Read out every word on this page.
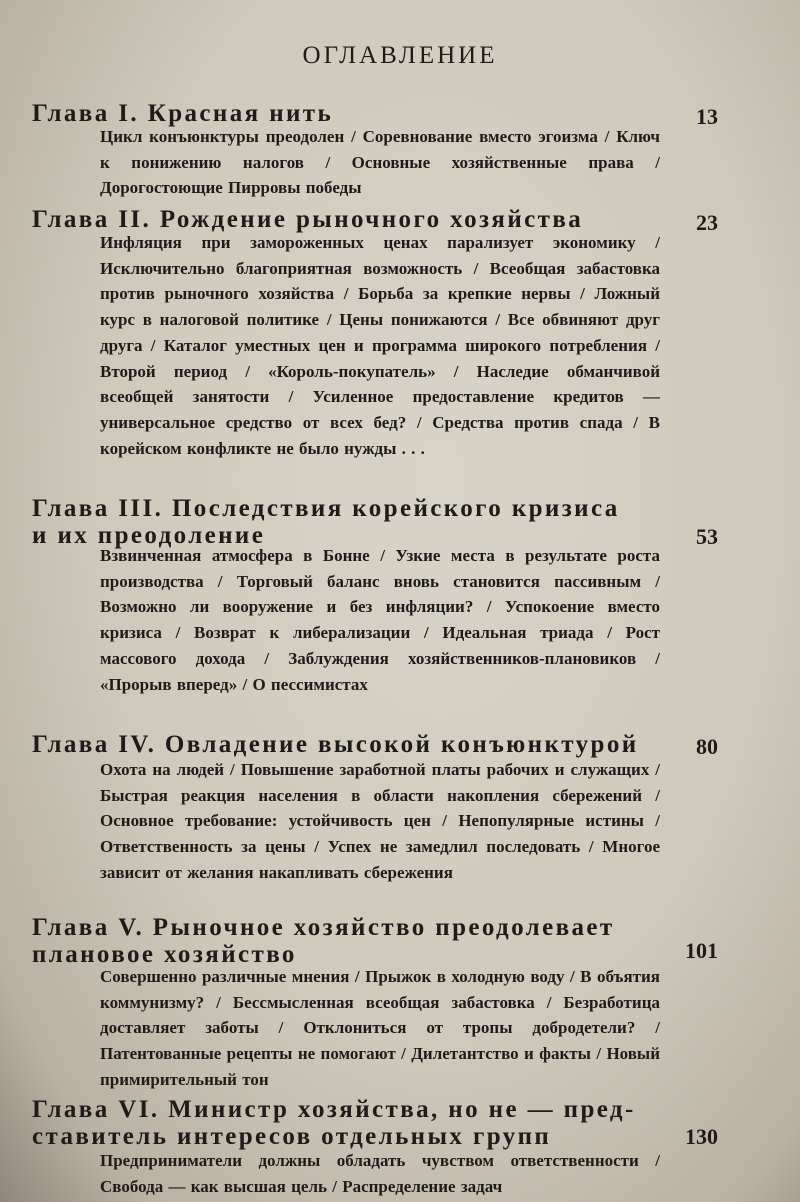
ОГЛАВЛЕНИЕ
Глава I. Красная нить	13
Цикл конъюнктуры преодолен / Соревнование вместо эгоизма / Ключ к понижению налогов / Основные хозяйственные права / Дорогостоющие Пирровы победы
Глава II. Рождение рыночного хозяйства	23
Инфляция при замороженных ценах парализует экономику / Исключительно благоприятная возможность / Всеобщая забастовка против рыночного хозяйства / Борьба за крепкие нервы / Ложный курс в налоговой политике / Цены понижаются / Все обвиняют друг друга / Каталог уместных цен и программа широкого потребления / Второй период / «Король-покупатель» / Наследие обманчивой всеобщей занятости / Усиленное предоставление кредитов — универсальное средство от всех бед? / Средства против спада / В корейском конфликте не было нужды . . .
Глава III. Последствия корейского кризиса
и их преодоление	53
Взвинченная атмосфера в Бонне / Узкие места в результате роста производства / Торговый баланс вновь становится пассивным / Возможно ли вооружение и без инфляции? / Успокоение вместо кризиса / Возврат к либерализации / Идеальная триада / Рост массового дохода / Заблуждения хозяйственников-плановиков / «Прорыв вперед» / О пессимистах
Глава IV. Овладение высокой конъюнктурой	80
Охота на людей / Повышение заработной платы рабочих и служащих / Быстрая реакция населения в области накопления сбережений / Основное требование: устойчивость цен / Непопулярные истины / Ответственность за цены / Успех не замедлил последовать / Многое зависит от желания накапливать сбережения
Глава V. Рыночное хозяйство преодолевает
плановое хозяйство	101
Совершенно различные мнения / Прыжок в холодную воду / В объятия коммунизму? / Бессмысленная всеобщая забастовка / Безработица доставляет заботы / Отклониться от тропы добродетели? / Патентованные рецепты не помогают / Дилетантство и факты / Новый примирительный тон
Глава VI. Министр хозяйства, но не — пред-
ставитель интересов отдельных групп	130
Предприниматели должны обладать чувством ответственности / Свобода — как высшая цель / Распределение задач
